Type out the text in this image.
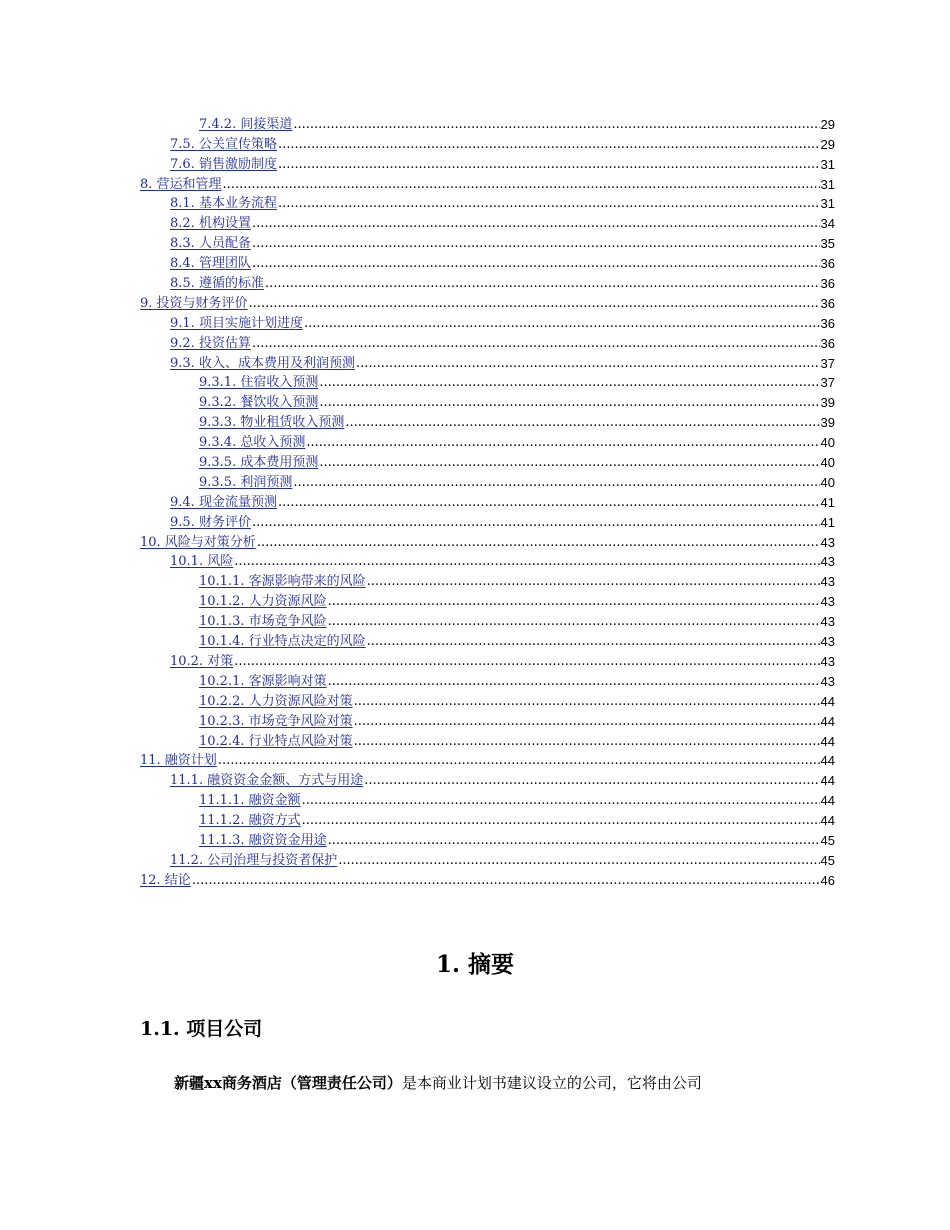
7.4.2. 间接渠道 .....	29
7.5. 公关宣传策略 .....	29
7.6. 销售激励制度 .....	31
8. 营运和管理 .....	31
8.1. 基本业务流程 .....	31
8.2. 机构设置 .....	34
8.3. 人员配备 .....	35
8.4. 管理团队 .....	36
8.5. 遵循的标准 .....	36
9. 投资与财务评价 .....	36
9.1. 项目实施计划进度 .....	36
9.2. 投资估算 .....	36
9.3. 收入、成本费用及利润预测 .....	37
9.3.1. 住宿收入预测 .....	37
9.3.2. 餐饮收入预测 .....	39
9.3.3. 物业租赁收入预测 .....	39
9.3.4. 总收入预测 .....	40
9.3.5. 成本费用预测 .....	40
9.3.5. 利润预测 .....	40
9.4. 现金流量预测 .....	41
9.5. 财务评价 .....	41
10. 风险与对策分析 .....	43
10.1. 风险 .....	43
10.1.1. 客源影响带来的风险 .....	43
10.1.2. 人力资源风险 .....	43
10.1.3. 市场竞争风险 .....	43
10.1.4. 行业特点决定的风险 .....	43
10.2. 对策 .....	43
10.2.1. 客源影响对策 .....	43
10.2.2. 人力资源风险对策 .....	44
10.2.3. 市场竞争风险对策 .....	44
10.2.4. 行业特点风险对策 .....	44
11. 融资计划 .....	44
11.1. 融资资金金额、方式与用途 .....	44
11.1.1. 融资金额 .....	44
11.1.2. 融资方式 .....	44
11.1.3. 融资资金用途 .....	45
11.2. 公司治理与投资者保护 .....	45
12. 结论 .....	46
1. 摘要
1.1. 项目公司
新疆xx商务酒店（管理责任公司）是本商业计划书建议设立的公司，它将由公司
